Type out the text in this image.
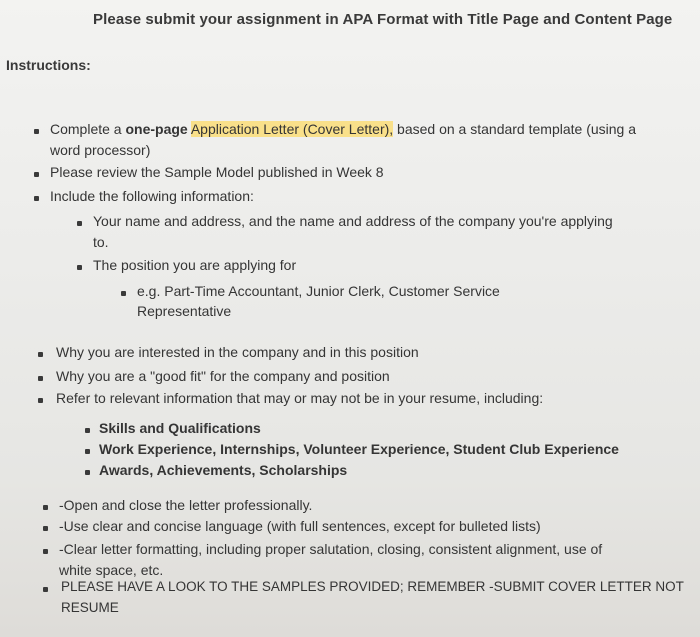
Please submit your assignment in APA Format with Title Page and Content Page
Instructions:
Complete a one-page Application Letter (Cover Letter), based on a standard template (using a
word processor)
Please review the Sample Model published in Week 8
Include the following information:
Your name and address, and the name and address of the company you're applying
to.
The position you are applying for
e.g. Part-Time Accountant, Junior Clerk, Customer Service
Representative
Why you are interested in the company and in this position
Why you are a "good fit" for the company and position
Refer to relevant information that may or may not be in your resume, including:
Skills and Qualifications
Work Experience, Internships, Volunteer Experience, Student Club Experience
Awards, Achievements, Scholarships
-Open and close the letter professionally.
-Use clear and concise language (with full sentences, except for bulleted lists)
-Clear letter formatting, including proper salutation, closing, consistent alignment, use of
white space, etc.
PLEASE HAVE A LOOK TO THE SAMPLES PROVIDED; REMEMBER -SUBMIT COVER LETTER NOT
RESUME
